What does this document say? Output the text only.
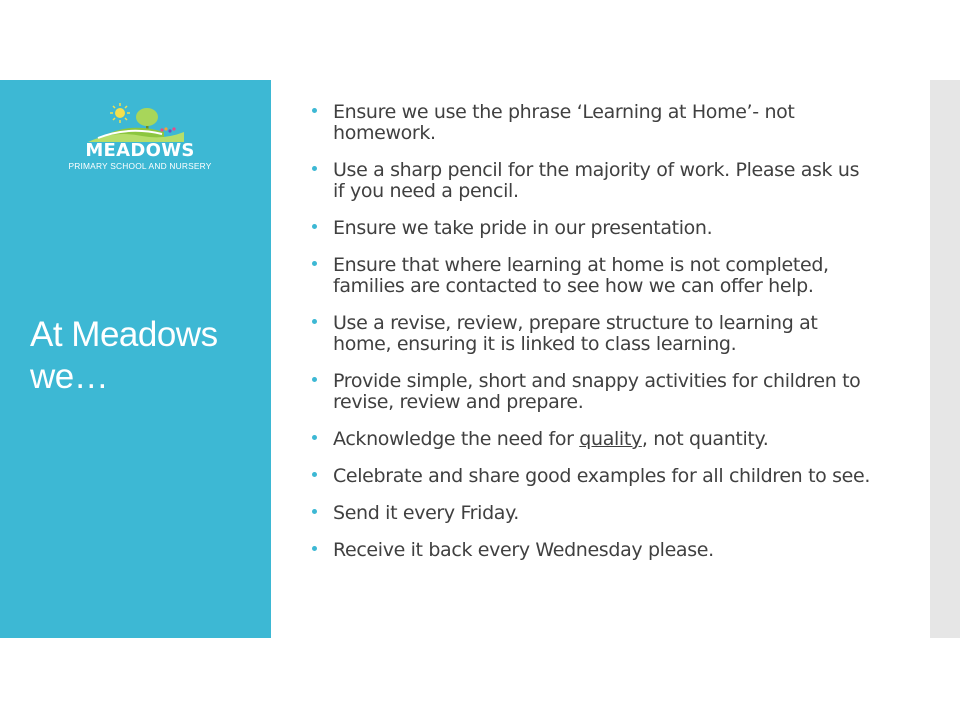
MEADOWS
PRIMARY SCHOOL AND NURSERY
At Meadows we…
Ensure we use the phrase ‘Learning at Home’- not homework.
Use a sharp pencil for the majority of work. Please ask us if you need a pencil.
Ensure we take pride in our presentation.
Ensure that where learning at home is not completed, families are contacted to see how we can offer help.
Use a revise, review, prepare structure to learning at home, ensuring it is linked to class learning.
Provide simple, short and snappy activities for children to revise, review and prepare.
Acknowledge the need for quality, not quantity.
Celebrate and share good examples for all children to see.
Send it every Friday.
Receive it back every Wednesday please.
